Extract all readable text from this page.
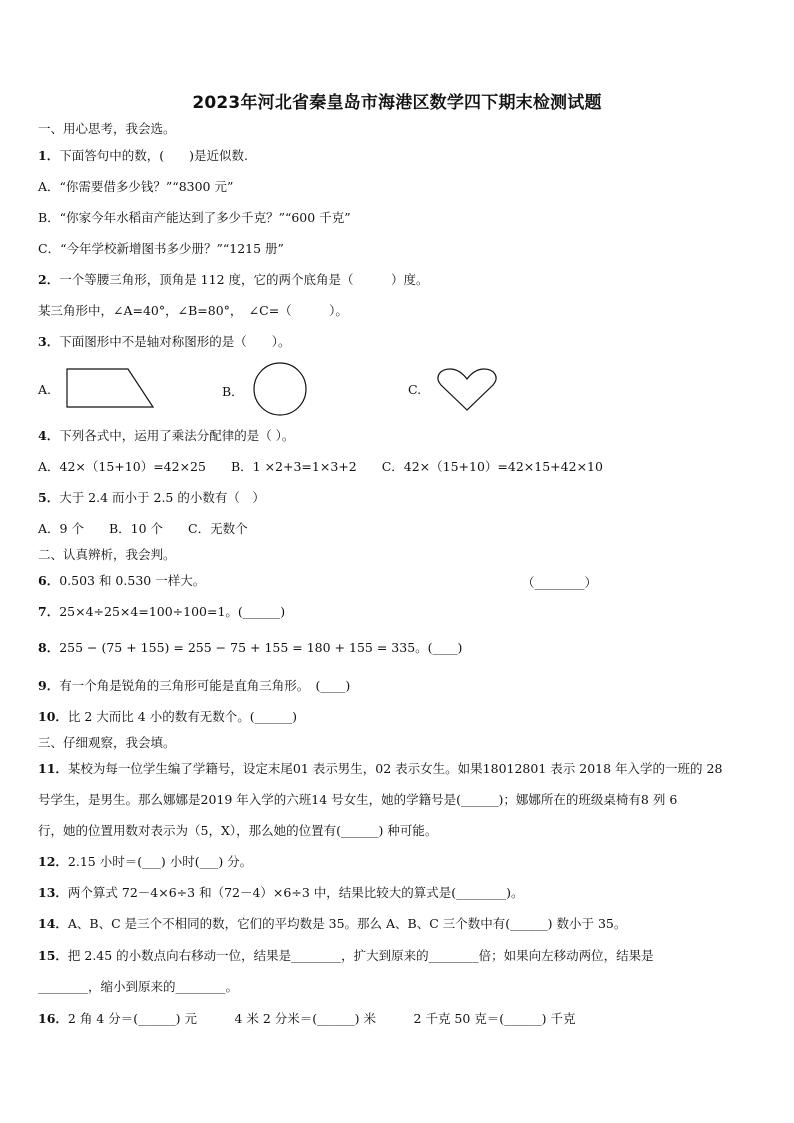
2023年河北省秦皇岛市海港区数学四下期末检测试题
一、用心思考，我会选。
1．下面答句中的数，(　　)是近似数.
A．“你需要借多少钱？”“8300 元”
B．“你家今年水稻亩产能达到了多少千克？”“600 千克”
C．“今年学校新增图书多少册？”“1215 册”
2．一个等腰三角形，顶角是 112 度，它的两个底角是（　　　）度。
某三角形中，∠A=40°，∠B=80°，　∠C=（　　　）。
3．下面图形中不是轴对称图形的是（　　）。
A.	B．	C.
4．下列各式中，运用了乘法分配律的是（ ）。
A．42×（15+10）=42×25　　B．1 ×2+3=1×3+2　　C．42×（15+10）=42×15+42×10
5．大于 2.4 而小于 2.5 的小数有（　）
A．9 个　　B．10 个　　C．无数个
二、认真辨析，我会判。
6．0.503 和 0.530 一样大。	（________）
7．25×4÷25×4=100÷100=1。(______)
8．255 − (75 + 155) = 255 − 75 + 155 = 180 + 155 = 335。(____)
9．有一个角是锐角的三角形可能是直角三角形。　(____)
10．比 2 大而比 4 小的数有无数个。(______)
三、仔细观察，我会填。
11．某校为每一位学生编了学籍号，设定末尾01 表示男生，02 表示女生。如果18012801 表示 2018 年入学的一班的 28
号学生，是男生。那么娜娜是2019 年入学的六班14 号女生，她的学籍号是(______)；娜娜所在的班级桌椅有8 列 6
行，她的位置用数对表示为（5，X），那么她的位置有(______) 种可能。
12．2.15 小时＝(___) 小时(___) 分。
13．两个算式 72－4×6÷3 和（72－4）×6÷3 中，结果比较大的算式是(________)。
14．A、B、C 是三个不相同的数，它们的平均数是 35。那么 A、B、C 三个数中有(______) 数小于 35。
15．把 2.45 的小数点向右移动一位，结果是________，扩大到原来的________倍；如果向左移动两位，结果是
________，缩小到原来的________。
16．2 角 4 分＝(______) 元　　　4 米 2 分米＝(______) 米　　　2 千克 50 克＝(______) 千克
